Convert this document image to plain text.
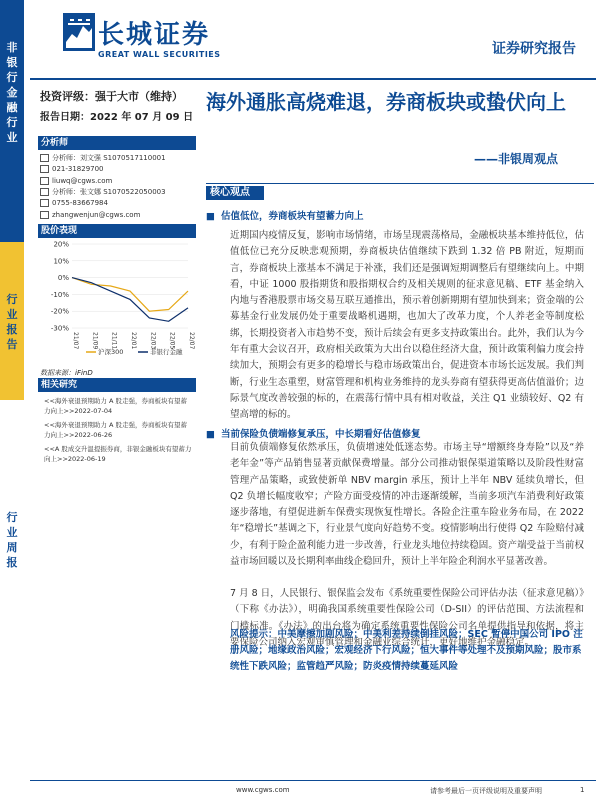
非
银
行
金
融
行
业
行
业
报
告
行
业
周
报
长城证券
GREAT WALL SECURITIES	证券研究报告
投资评级：强于大市（维持）
报告日期：2022 年 07 月 09 日
分析师
分析师：刘文强 S1070517110001
021-31829700
liuwq@cgws.com
分析师：张文娜 S1070522050003
0755-83667984
zhangwenjun@cgws.com
股价表现
20%
10%
0%
-10%
-20%
-30%
21/07 21/09 21/11 22/01 22/03 22/05 22/07
沪深300	非银行金融
数据来源：iFinD
相关研究
<<海外衰退预期助力 A 股走强，券商板块有望蓄力向上>>2022-07-04
<<海外衰退预期助力 A 股走强，券商板块有望蓄力向上>>2022-06-26
<<A 股成交升温提振券商，非银金融板块有望蓄力向上>>2022-06-19
海外通胀高烧难退，券商板块或蛰伏向上
——非银周观点
核心观点
■ 估值低位，券商板块有望蓄力向上
近期国内疫情反复，影响市场情绪，市场呈现震荡格局，金融板块基本维持低位，估值低位已充分反映悲观预期，券商板块估值继续下跌到 1.32 倍 PB 附近，短期而言，券商板块上涨基本不满足于补涨，我们还是强调短期调整后有望继续向上。中期看，中证 1000 股指期货和股指期权合约及相关规则的征求意见稿、ETF 基金纳入内地与香港股票市场交易互联互通推出，预示着创新期期有望加快到来；资金端的公募基金行业发展仍处于重要战略机遇期，也加大了改革力度，个人养老金等制度松绑，长期投资者入市趋势不变，预计后续会有更多支持政策出台。此外，我们认为今年有重大会议召开，政府相关政策为大出台以稳住经济大盘，预计政策利偏力度会持续加大，预期会有更多的稳增长与稳市场政策出台，促进资本市场长远发展。我们判断，行业生态重塑，财富管理和机构业务维持的龙头券商有望获得更高估值溢价；边际景气度改善较强的标的，在震荡行情中具有相对收益，关注 Q1 业绩较好、Q2 有望高增的标的。
■ 当前保险负债端修复承压，中长期看好估值修复
目前负债端修复依然承压，负债增速处低迷态势。市场主导“增额终身寿险”以及“养老年金”等产品销售显著贡献保费增量。部分公司推动银保渠道策略以及阶段性财富管理产品策略，或致使新单 NBV margin 承压，预计上半年 NBV 延续负增长，但 Q2 负增长幅度收窄；产险方面受疫情的冲击逐渐缓解，当前多项汽车消费利好政策逐步落地，有望促进新车保费实现恢复性增长。各险企注重车险业务布局，在 2022 年“稳增长”基调之下，行业景气度向好趋势不变。疫情影响出行使得 Q2 车险赔付减少，有利于险企盈利能力进一步改善，行业龙头地位持续稳固。资产端受益于当前权益市场回暖以及长期利率曲线企稳回升，预计上半年险企利润水平显著改善。
7 月 8 日，人民银行、银保监会发布《系统重要性保险公司评估办法（征求意见稿）》（下称《办法》），明确我国系统重要性保险公司（D-SII）的评估范围、方法流程和门槛标准。《办法》的出台将为确定系统重要性保险公司名单提供指导和依据，将主要保险公司纳入宏观审慎管理和金融业综合统计，更好地维护金融稳定。
风险提示：中美摩擦加剧风险；中美利差持续倒挂风险；SEC 暂停中国公司 IPO 注册风险；地缘政治风险；宏观经济下行风险；恒大事件等处理不及预期风险；股市系统性下跌风险；监管趋严风险；防炎疫情持续蔓延风险
www.cgws.com	请参考最后一页评级说明及重要声明	1
